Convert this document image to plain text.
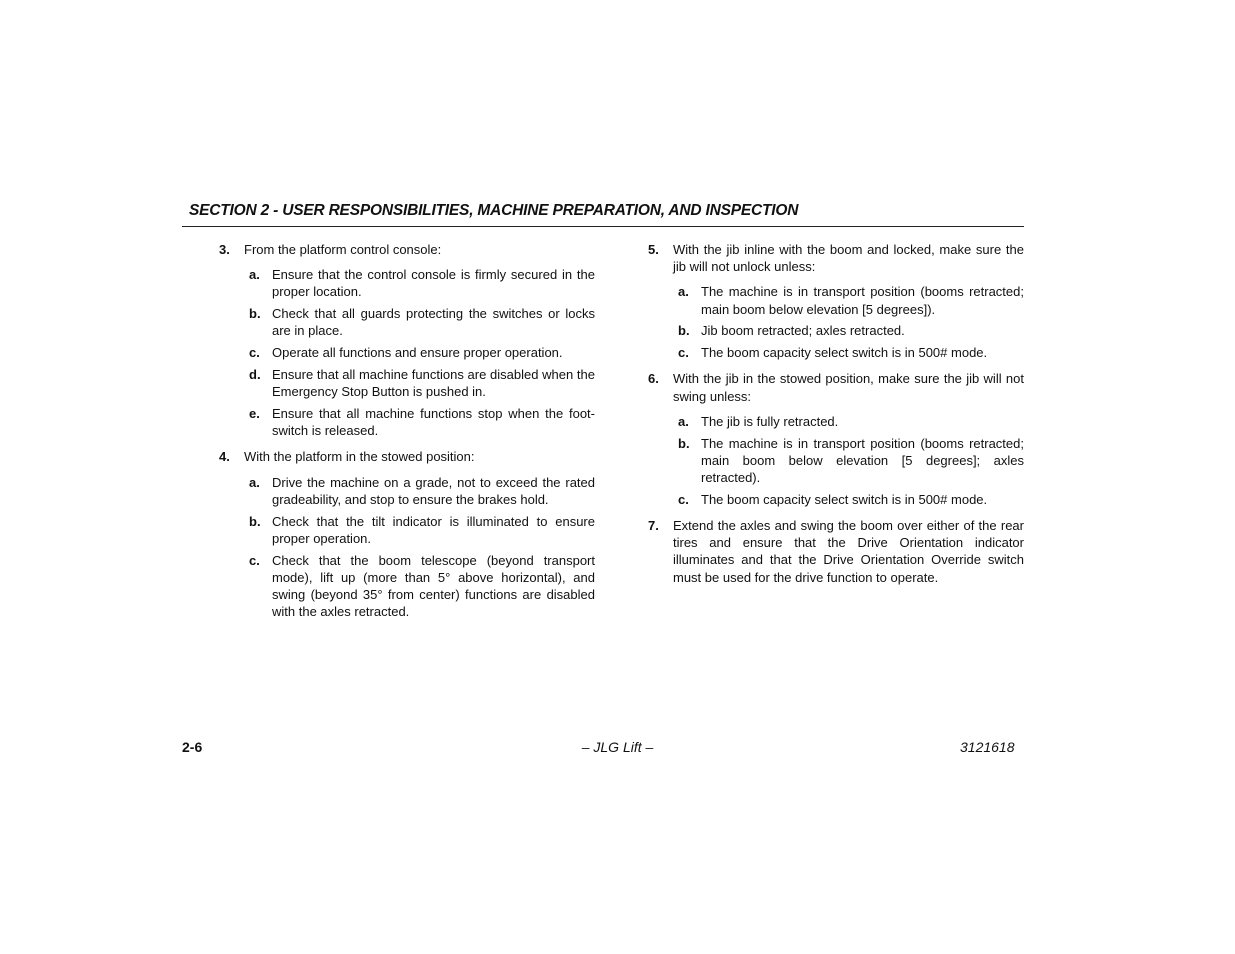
SECTION 2 - USER RESPONSIBILITIES, MACHINE PREPARATION, AND INSPECTION
3. From the platform control console:
a. Ensure that the control console is firmly secured in the proper location.
b. Check that all guards protecting the switches or locks are in place.
c. Operate all functions and ensure proper operation.
d. Ensure that all machine functions are disabled when the Emergency Stop Button is pushed in.
e. Ensure that all machine functions stop when the foot-switch is released.
4. With the platform in the stowed position:
a. Drive the machine on a grade, not to exceed the rated gradeability, and stop to ensure the brakes hold.
b. Check that the tilt indicator is illuminated to ensure proper operation.
c. Check that the boom telescope (beyond transport mode), lift up (more than 5° above horizontal), and swing (beyond 35° from center) functions are disabled with the axles retracted.
5. With the jib inline with the boom and locked, make sure the jib will not unlock unless:
a. The machine is in transport position (booms retracted; main boom below elevation [5 degrees]).
b. Jib boom retracted; axles retracted.
c. The boom capacity select switch is in 500# mode.
6. With the jib in the stowed position, make sure the jib will not swing unless:
a. The jib is fully retracted.
b. The machine is in transport position (booms retracted; main boom below elevation [5 degrees]; axles retracted).
c. The boom capacity select switch is in 500# mode.
7. Extend the axles and swing the boom over either of the rear tires and ensure that the Drive Orientation indicator illuminates and that the Drive Orientation Override switch must be used for the drive function to operate.
2-6	– JLG Lift –	3121618
